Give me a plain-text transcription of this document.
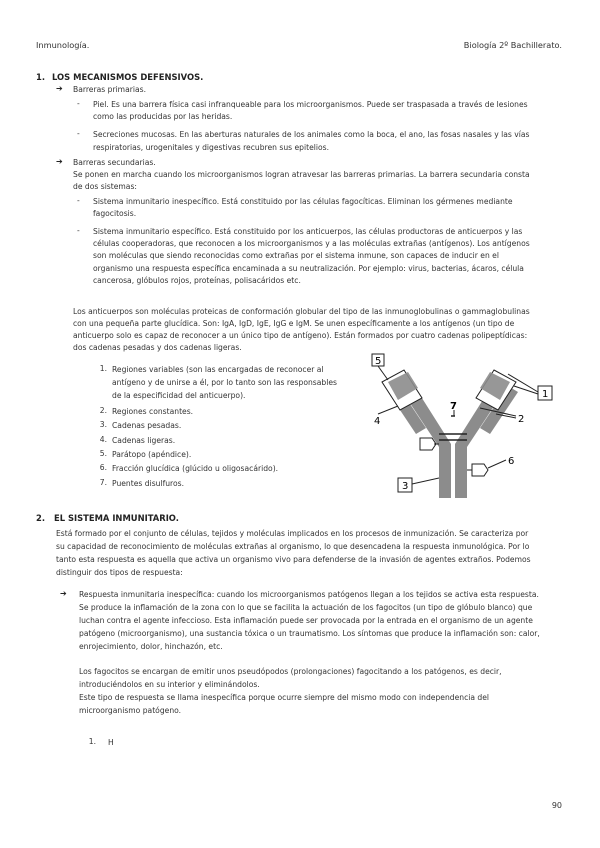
Inmunología.	Biología 2º Bachillerato.
1. LOS MECANISMOS DEFENSIVOS.
➔ Barreras primarias.
- Piel. Es una barrera física casi infranqueable para los microorganismos. Puede ser traspasada a través de lesiones
como las producidas por las heridas.
- Secreciones mucosas. En las aberturas naturales de los animales como la boca, el ano, las fosas nasales y las vías
respiratorias, urogenitales y digestivas recubren sus epitelios.
➔ Barreras secundarias.
Se ponen en marcha cuando los microorganismos logran atravesar las barreras primarias. La barrera secundaria consta
de dos sistemas:
- Sistema inmunitario inespecífico. Está constituido por las células fagocíticas. Eliminan los gérmenes mediante
fagocitosis.
- Sistema inmunitario específico. Está constituido por los anticuerpos, las células productoras de anticuerpos y las
células cooperadoras, que reconocen a los microorganismos y a las moléculas extrañas (antígenos). Los antígenos
son moléculas que siendo reconocidas como extrañas por el sistema inmune, son capaces de inducir en el
organismo una respuesta específica encaminada a su neutralización. Por ejemplo: virus, bacterias, ácaros, célula
cancerosa, glóbulos rojos, proteínas, polisacáridos etc.
Los anticuerpos son moléculas proteicas de conformación globular del tipo de las inmunoglobulinas o gammaglobulinas
con una pequeña parte glucídica. Son: IgA, IgD, IgE, IgG e IgM. Se unen específicamente a los antígenos (un tipo de
anticuerpo solo es capaz de reconocer a un único tipo de antígeno). Están formados por cuatro cadenas polipeptídicas:
dos cadenas pesadas y dos cadenas ligeras.
1. Regiones variables (son las encargadas de reconocer al
antígeno y de unirse a él, por lo tanto son las responsables
de la especificidad del anticuerpo).
2. Regiones constantes.
3. Cadenas pesadas.
4. Cadenas ligeras.
5. Parátopo (apéndice).
6. Fracción glucídica (glúcido u oligosacárido).
7. Puentes disulfuros.
5
4
7
1
2
6
3
2. EL SISTEMA INMUNITARIO.
Está formado por el conjunto de células, tejidos y moléculas implicados en los procesos de inmunización. Se caracteriza por
su capacidad de reconocimiento de moléculas extrañas al organismo, lo que desencadena la respuesta inmunológica. Por lo
tanto esta respuesta es aquella que activa un organismo vivo para defenderse de la invasión de agentes extraños. Podemos
distinguir dos tipos de respuesta:
➔ Respuesta inmunitaria inespecífica: cuando los microorganismos patógenos llegan a los tejidos se activa esta respuesta.
Se produce la inflamación de la zona con lo que se facilita la actuación de los fagocitos (un tipo de glóbulo blanco) que
luchan contra el agente infeccioso. Esta inflamación puede ser provocada por la entrada en el organismo de un agente
patógeno (microorganismo), una sustancia tóxica o un traumatismo. Los síntomas que produce la inflamación son: calor,
enrojecimiento, dolor, hinchazón, etc.
Los fagocitos se encargan de emitir unos pseudópodos (prolongaciones) fagocitando a los patógenos, es decir,
introduciéndolos en su interior y eliminándolos.
Este tipo de respuesta se llama inespecífica porque ocurre siempre del mismo modo con independencia del
microorganismo patógeno.
1. H
90
